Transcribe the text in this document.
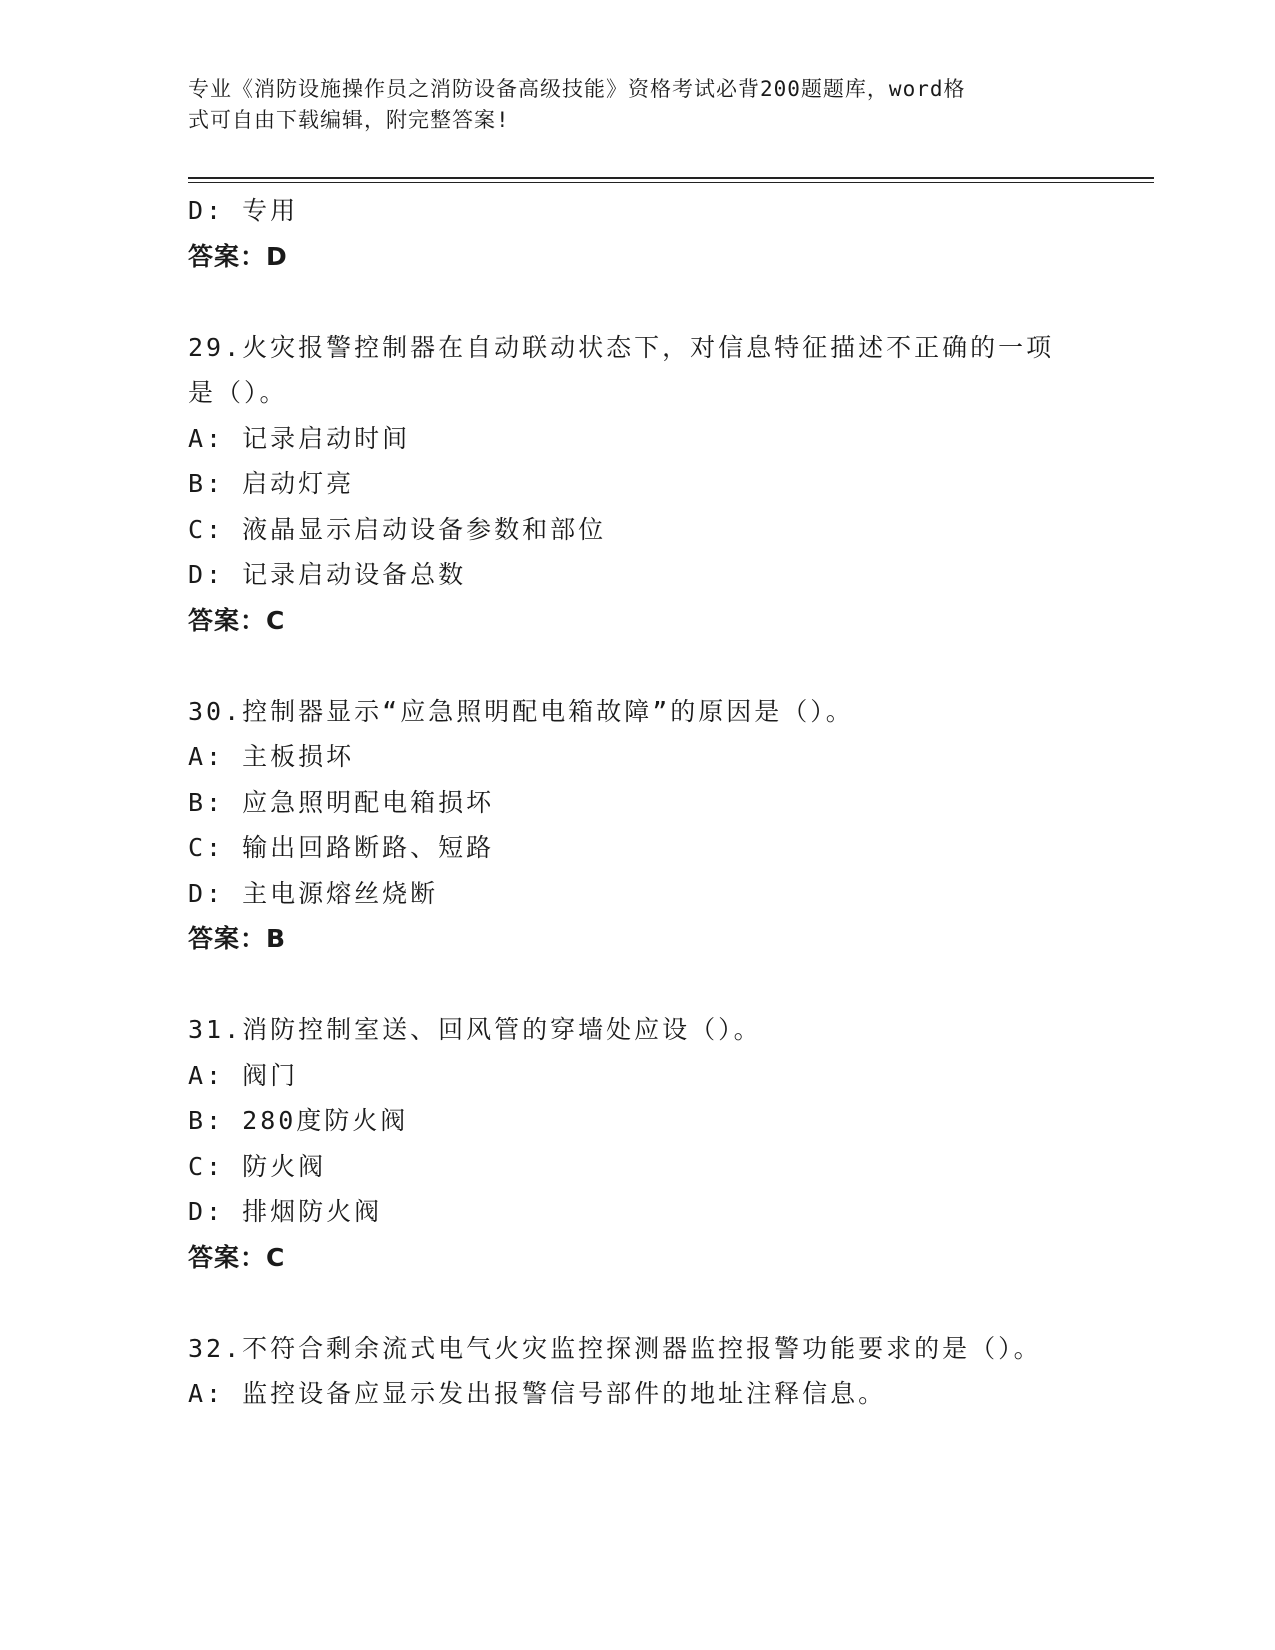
专业《消防设施操作员之消防设备高级技能》资格考试必背200题题库，word格
式可自由下载编辑，附完整答案!
D: 专用
答案：D
29.火灾报警控制器在自动联动状态下，对信息特征描述不正确的一项
是（）。
A: 记录启动时间
B: 启动灯亮
C: 液晶显示启动设备参数和部位
D: 记录启动设备总数
答案：C
30.控制器显示“应急照明配电箱故障”的原因是（）。
A: 主板损坏
B: 应急照明配电箱损坏
C: 输出回路断路、短路
D: 主电源熔丝烧断
答案：B
31.消防控制室送、回风管的穿墙处应设（）。
A: 阀门
B: 280度防火阀
C: 防火阀
D: 排烟防火阀
答案：C
32.不符合剩余流式电气火灾监控探测器监控报警功能要求的是（）。
A: 监控设备应显示发出报警信号部件的地址注释信息。
